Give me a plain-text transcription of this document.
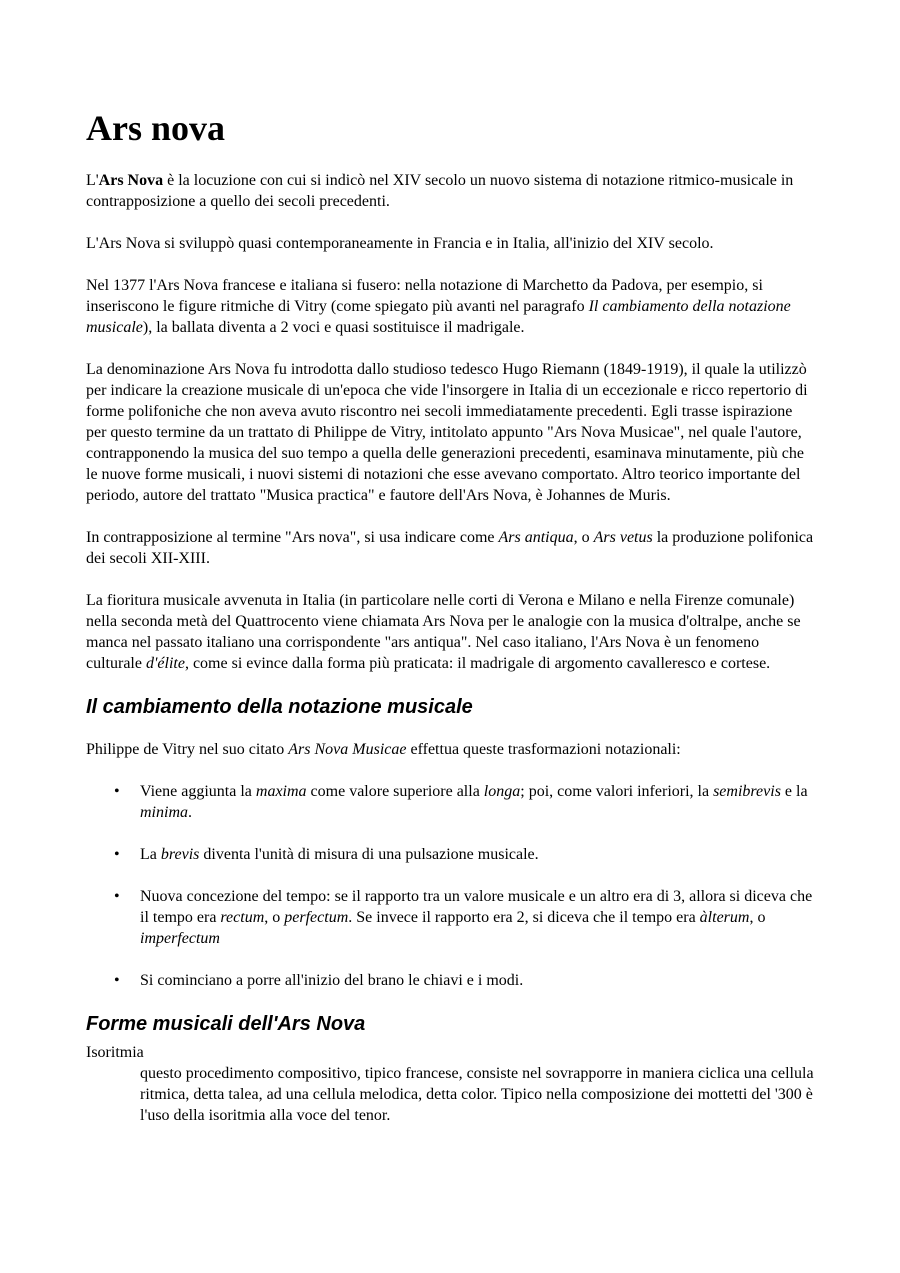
Ars nova

L'Ars Nova è la locuzione con cui si indicò nel XIV secolo un nuovo sistema di notazione ritmico-musicale in contrapposizione a quello dei secoli precedenti.

L'Ars Nova si sviluppò quasi contemporaneamente in Francia e in Italia, all'inizio del XIV secolo.

Nel 1377 l'Ars Nova francese e italiana si fusero: nella notazione di Marchetto da Padova, per esempio, si inseriscono le figure ritmiche di Vitry (come spiegato più avanti nel paragrafo Il cambiamento della notazione musicale), la ballata diventa a 2 voci e quasi sostituisce il madrigale.

La denominazione Ars Nova fu introdotta dallo studioso tedesco Hugo Riemann (1849-1919), il quale la utilizzò per indicare la creazione musicale di un'epoca che vide l'insorgere in Italia di un eccezionale e ricco repertorio di forme polifoniche che non aveva avuto riscontro nei secoli immediatamente precedenti. Egli trasse ispirazione per questo termine da un trattato di Philippe de Vitry, intitolato appunto "Ars Nova Musicae", nel quale l'autore, contrapponendo la musica del suo tempo a quella delle generazioni precedenti, esaminava minutamente, più che le nuove forme musicali, i nuovi sistemi di notazioni che esse avevano comportato. Altro teorico importante del periodo, autore del trattato "Musica practica" e fautore dell'Ars Nova, è Johannes de Muris.

In contrapposizione al termine "Ars nova", si usa indicare come Ars antiqua, o Ars vetus la produzione polifonica dei secoli XII-XIII.

La fioritura musicale avvenuta in Italia (in particolare nelle corti di Verona e Milano e nella Firenze comunale) nella seconda metà del Quattrocento viene chiamata Ars Nova per le analogie con la musica d'oltralpe, anche se manca nel passato italiano una corrispondente "ars antiqua". Nel caso italiano, l'Ars Nova è un fenomeno culturale d'élite, come si evince dalla forma più praticata: il madrigale di argomento cavalleresco e cortese.

Il cambiamento della notazione musicale

Philippe de Vitry nel suo citato Ars Nova Musicae effettua queste trasformazioni notazionali:

• Viene aggiunta la maxima come valore superiore alla longa; poi, come valori inferiori, la semibrevis e la minima.
• La brevis diventa l'unità di misura di una pulsazione musicale.
• Nuova concezione del tempo: se il rapporto tra un valore musicale e un altro era di 3, allora si diceva che il tempo era rectum, o perfectum. Se invece il rapporto era 2, si diceva che il tempo era àlterum, o imperfectum
• Si cominciano a porre all'inizio del brano le chiavi e i modi.
Forme musicali dell'Ars Nova
Isoritmia
questo procedimento compositivo, tipico francese, consiste nel sovrapporre in maniera ciclica una cellula ritmica, detta talea, ad una cellula melodica, detta color. Tipico nella composizione dei mottetti del '300 è l'uso della isoritmia alla voce del tenor.
